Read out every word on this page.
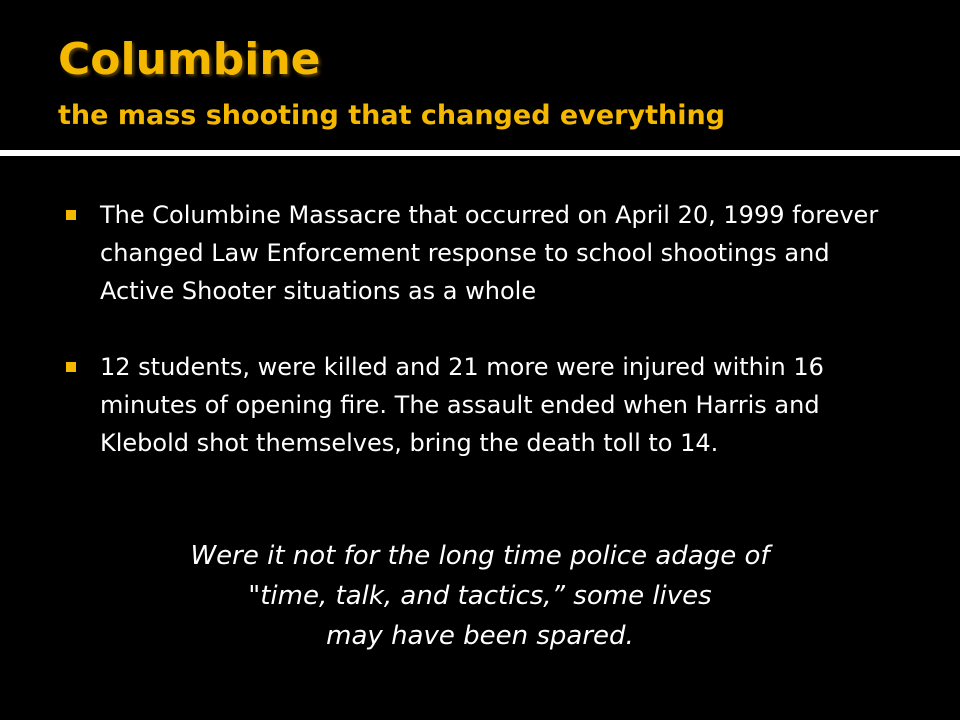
Columbine
the mass shooting that changed everything
The Columbine Massacre that occurred on April 20, 1999 forever changed Law Enforcement response to school shootings and Active Shooter situations as a whole
12 students, were killed and 21 more were injured within 16 minutes of opening fire. The assault ended when Harris and Klebold shot themselves, bring the death toll to 14.

Were it not for the long time police adage of
"time, talk, and tactics,” some lives
may have been spared.
